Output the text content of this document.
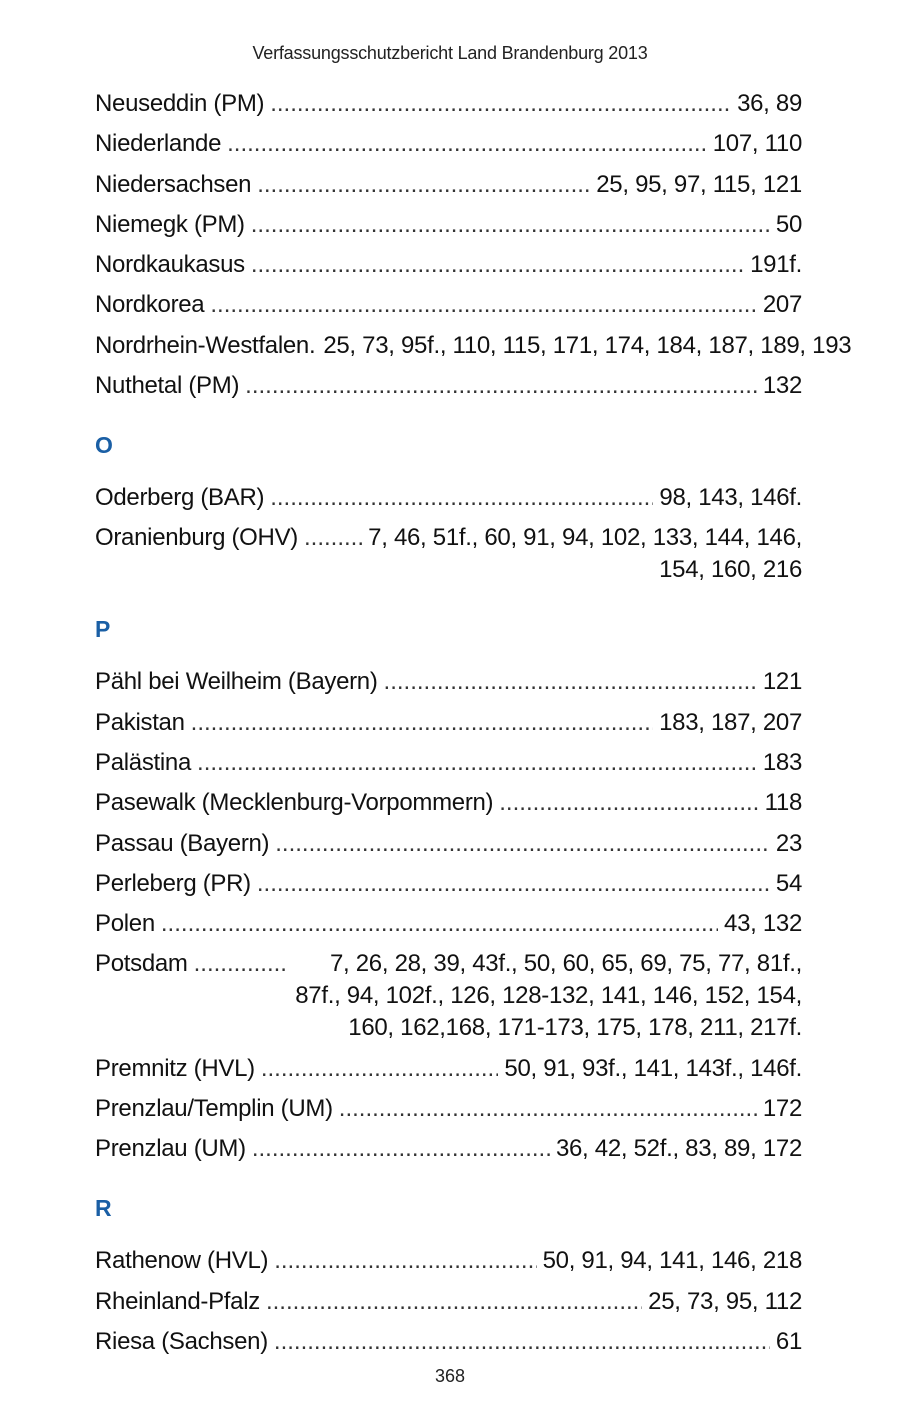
Verfassungsschutzbericht Land Brandenburg 2013
Neuseddin (PM) .....	36, 89
Niederlande .....	107, 110
Niedersachsen .....	25, 95, 97, 115, 121
Niemegk (PM) .....	50
Nordkaukasus .....	191f.
Nordkorea .....	207
Nordrhein-Westfalen. 25, 73, 95f., 110, 115, 171, 174, 184, 187, 189, 193
Nuthetal (PM) .....	132
O
Oderberg (BAR) .....	98, 143, 146f.
Oranienburg (OHV) .....	7, 46, 51f., 60, 91, 94, 102, 133, 144, 146,
154, 160, 216
P
Pähl bei Weilheim (Bayern) .....	121
Pakistan .....	183, 187, 207
Palästina .....	183
Pasewalk (Mecklenburg-Vorpommern) .....	118
Passau (Bayern) .....	23
Perleberg (PR) .....	54
Polen .....	43, 132
Potsdam .....	7, 26, 28, 39, 43f., 50, 60, 65, 69, 75, 77, 81f.,
87f., 94, 102f., 126, 128-132, 141, 146, 152, 154,
160, 162,168, 171-173, 175, 178, 211, 217f.
Premnitz (HVL) .....	50, 91, 93f., 141, 143f., 146f.
Prenzlau/Templin (UM) .....	172
Prenzlau (UM) .....	36, 42, 52f., 83, 89, 172
R
Rathenow (HVL) .....	50, 91, 94, 141, 146, 218
Rheinland-Pfalz .....	25, 73, 95, 112
Riesa (Sachsen) .....	61
368
